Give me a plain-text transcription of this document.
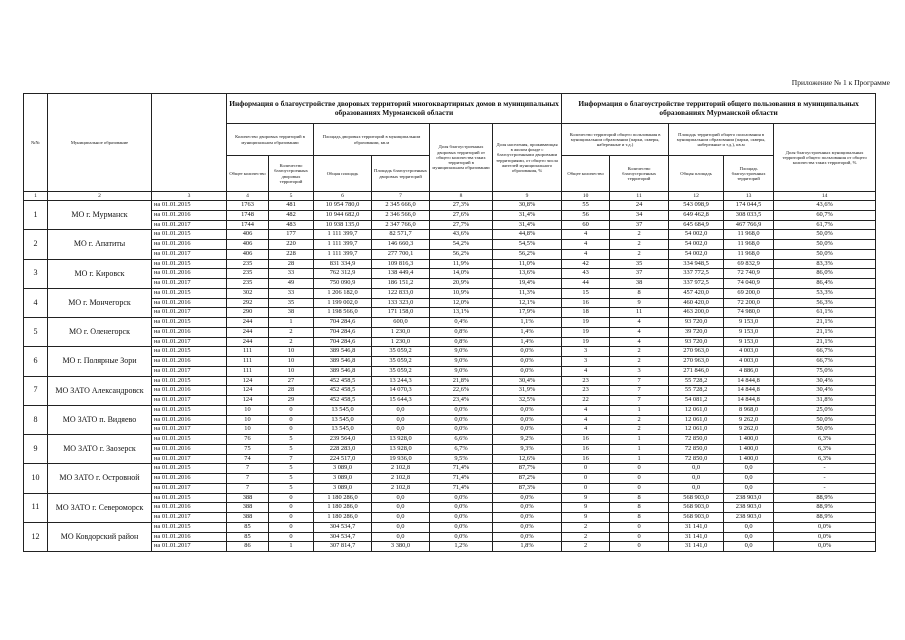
Приложение № 1 к Программе
№№	Муниципальное образование		Информация о благоустройстве дворовых территорий многоквартирных домов в муниципальных образованиях Мурманской области						Информация о благоустройстве территорий общего пользования в муниципальных образованиях Мурманской области				
			Количество дворовых территорий в муниципальном образовании		Площадь дворовых территорий в муниципальном образовании, кв.м		Доля благоустроенных дворовых территорий от общего количества таких территорий в муниципальном образовании	Доля населения, проживающая в жилом фонде с благоустроенными дворовыми территориями, от общего числа жителей муниципального образования, %	Количество территорий общего пользования в муниципальном образовании (парки, скверы, набережные и т.д.)		Площадь территорий общего пользования в муниципальном образовании (парки, скверы, набережные и т.д.), кв.м		Доля благоустроенных муниципальных территорий общего пользования от общего количества таких территорий, %
			Общее количество	Количество благоустроенных дворовых территорий	Общая площадь	Площадь благоустроенных дворовых территорий			Общее количество	Количество благоустроенных территорий	Общая площадь	Площадь благоустроенных территорий	
1	2	3	4	5	6	7	8	9	10	11	12	13	14
1	МО г. Мурманск	на 01.01.2015	1763	481	10 954 780,0	2 345 666,0	27,3%	30,8%	55	24	543 098,9	174 044,5	43,6%
		на 01.01.2016	1748	482	10 944 682,0	2 346 566,0	27,6%	31,4%	56	34	649 462,8	308 033,5	60,7%
		на 01.01.2017	1744	483	10 938 135,0	2 347 766,0	27,7%	31,4%	60	37	645 684,9	467 766,9	61,7%
2	МО г. Апатиты	на 01.01.2015	406	177	1 111 399,7	82 571,7	43,6%	44,8%	4	2	54 002,0	11 968,0	50,0%
		на 01.01.2016	406	220	1 111 399,7	146 660,3	54,2%	54,5%	4	2	54 002,0	11 968,0	50,0%
		на 01.01.2017	406	228	1 111 399,7	277 700,1	56,2%	56,2%	4	2	54 002,0	11 968,0	50,0%
3	МО г. Кировск	на 01.01.2015	235	28	831 334,9	109 816,3	11,9%	11,0%	42	35	334 948,5	69 832,9	83,3%
		на 01.01.2016	235	33	762 312,9	138 449,4	14,0%	13,6%	43	37	337 772,5	72 740,9	86,0%
		на 01.01.2017	235	49	750 090,9	186 151,2	20,9%	19,4%	44	38	337 972,5	74 040,9	86,4%
4	МО г. Мончегорск	на 01.01.2015	302	33	1 206 182,0	122 833,0	10,9%	11,3%	15	8	457 420,0	69 200,0	53,3%
		на 01.01.2016	292	35	1 199 002,0	133 323,0	12,0%	12,1%	16	9	460 420,0	72 200,0	56,3%
		на 01.01.2017	290	38	1 198 566,0	171 158,0	13,1%	17,9%	18	11	463 200,0	74 980,0	61,1%
5	МО г. Оленегорск	на 01.01.2015	244	1	704 284,6	600,0	0,4%	1,1%	19	4	93 720,0	9 153,0	21,1%
		на 01.01.2016	244	2	704 284,6	1 230,0	0,8%	1,4%	19	4	39 720,0	9 153,0	21,1%
		на 01.01.2017	244	2	704 284,6	1 230,0	0,8%	1,4%	19	4	93 720,0	9 153,0	21,1%
6	МО г. Полярные Зори	на 01.01.2015	111	10	389 546,8	35 059,2	9,0%	0,0%	3	2	270 963,0	4 003,0	66,7%
		на 01.01.2016	111	10	389 546,8	35 059,2	9,0%	0,0%	3	2	270 963,0	4 003,0	66,7%
		на 01.01.2017	111	10	389 546,8	35 059,2	9,0%	0,0%	4	3	271 846,0	4 886,0	75,0%
7	МО ЗАТО Александровск	на 01.01.2015	124	27	452 458,5	13 244,3	21,8%	30,4%	23	7	55 728,2	14 844,8	30,4%
		на 01.01.2016	124	28	452 458,5	14 070,3	22,6%	31,9%	23	7	55 728,2	14 844,8	30,4%
		на 01.01.2017	124	29	452 458,5	15 644,3	23,4%	32,5%	22	7	54 081,2	14 844,8	31,8%
8	МО ЗАТО п. Видяево	на 01.01.2015	10	0	13 545,0	0,0	0,0%	0,0%	4	1	12 061,0	8 968,0	25,0%
		на 01.01.2016	10	0	13 545,0	0,0	0,0%	0,0%	4	2	12 061,0	9 262,0	50,0%
		на 01.01.2017	10	0	13 545,0	0,0	0,0%	0,0%	4	2	12 061,0	9 262,0	50,0%
9	МО ЗАТО г. Заозерск	на 01.01.2015	76	5	239 564,0	13 928,0	6,6%	9,2%	16	1	72 850,0	1 400,0	6,3%
		на 01.01.2016	75	5	228 283,0	13 928,0	6,7%	9,3%	16	1	72 850,0	1 400,0	6,3%
		на 01.01.2017	74	7	224 517,0	19 936,0	9,5%	12,6%	16	1	72 850,0	1 400,0	6,3%
10	МО ЗАТО г. Островной	на 01.01.2015	7	5	3 089,0	2 102,8	71,4%	87,7%	0	0	0,0	0,0	-
		на 01.01.2016	7	5	3 089,0	2 102,8	71,4%	87,2%	0	0	0,0	0,0	-
		на 01.01.2017	7	5	3 089,0	2 102,8	71,4%	87,3%	0	0	0,0	0,0	-
11	МО ЗАТО г. Североморск	на 01.01.2015	388	0	1 180 286,0	0,0	0,0%	0,0%	9	8	568 903,0	238 903,0	88,9%
		на 01.01.2016	388	0	1 180 286,0	0,0	0,0%	0,0%	9	8	568 903,0	238 903,0	88,9%
		на 01.01.2017	388	0	1 180 286,0	0,0	0,0%	0,0%	9	8	568 903,0	238 903,0	88,9%
12	МО Ковдорский район	на 01.01.2015	85	0	304 534,7	0,0	0,0%	0,0%	2	0	31 141,0	0,0	0,0%
		на 01.01.2016	85	0	304 534,7	0,0	0,0%	0,0%	2	0	31 141,0	0,0	0,0%
		на 01.01.2017	86	1	307 814,7	3 380,0	1,2%	1,8%	2	0	31 141,0	0,0	0,0%
